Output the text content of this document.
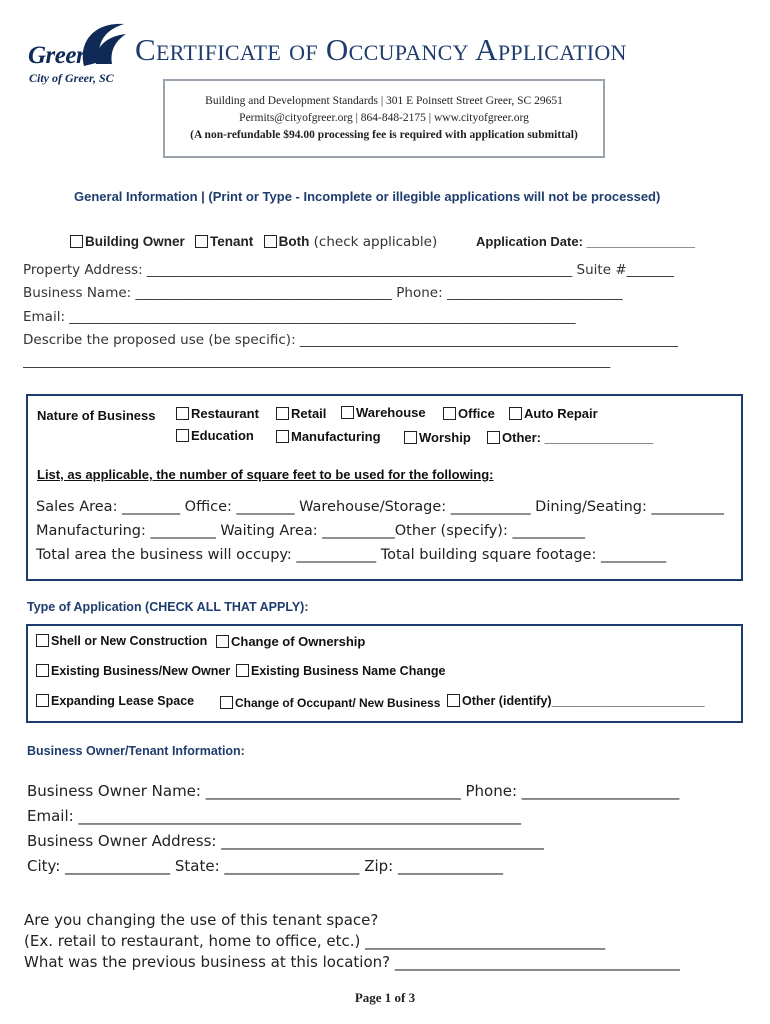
Greer
City of Greer, SC
Certificate of Occupancy Application
Building and Development Standards | 301 E Poinsett Street Greer, SC 29651
Permits@cityofgreer.org | 864-848-2175 | www.cityofgreer.org
(A non-refundable $94.00 processing fee is required with application submittal)
General Information | (Print or Type - Incomplete or illegible applications will not be processed)
Building Owner Tenant Both (check applicable)	Application Date: _______________
Property Address: _______________________________________________________________ Suite #_______
Business Name: ______________________________________ Phone: __________________________
Email: ___________________________________________________________________________
Describe the proposed use (be specific): ________________________________________________________
_______________________________________________________________________________________
Nature of Business	Restaurant	Retail	Warehouse	Office	Auto Repair
Education	Manufacturing	Worship	Other: _______________
List, as applicable, the number of square feet to be used for the following:
Sales Area: ________ Office: ________ Warehouse/Storage: ___________ Dining/Seating: __________
Manufacturing: _________ Waiting Area: __________Other (specify): __________
Total area the business will occupy: ___________ Total building square footage: _________
Type of Application (CHECK ALL THAT APPLY):
Shell or New Construction	Change of Ownership
Existing Business/New Owner	Existing Business Name Change
Expanding Lease Space	Change of Occupant/ New Business	Other (identify)______________________
Business Owner/Tenant Information:
Business Owner Name: __________________________________ Phone: _____________________
Email: ___________________________________________________________
Business Owner Address: ___________________________________________
City: ______________ State: __________________ Zip: ______________
Are you changing the use of this tenant space?
(Ex. retail to restaurant, home to office, etc.) ________________________________
What was the previous business at this location? ______________________________________
Page 1 of 3
